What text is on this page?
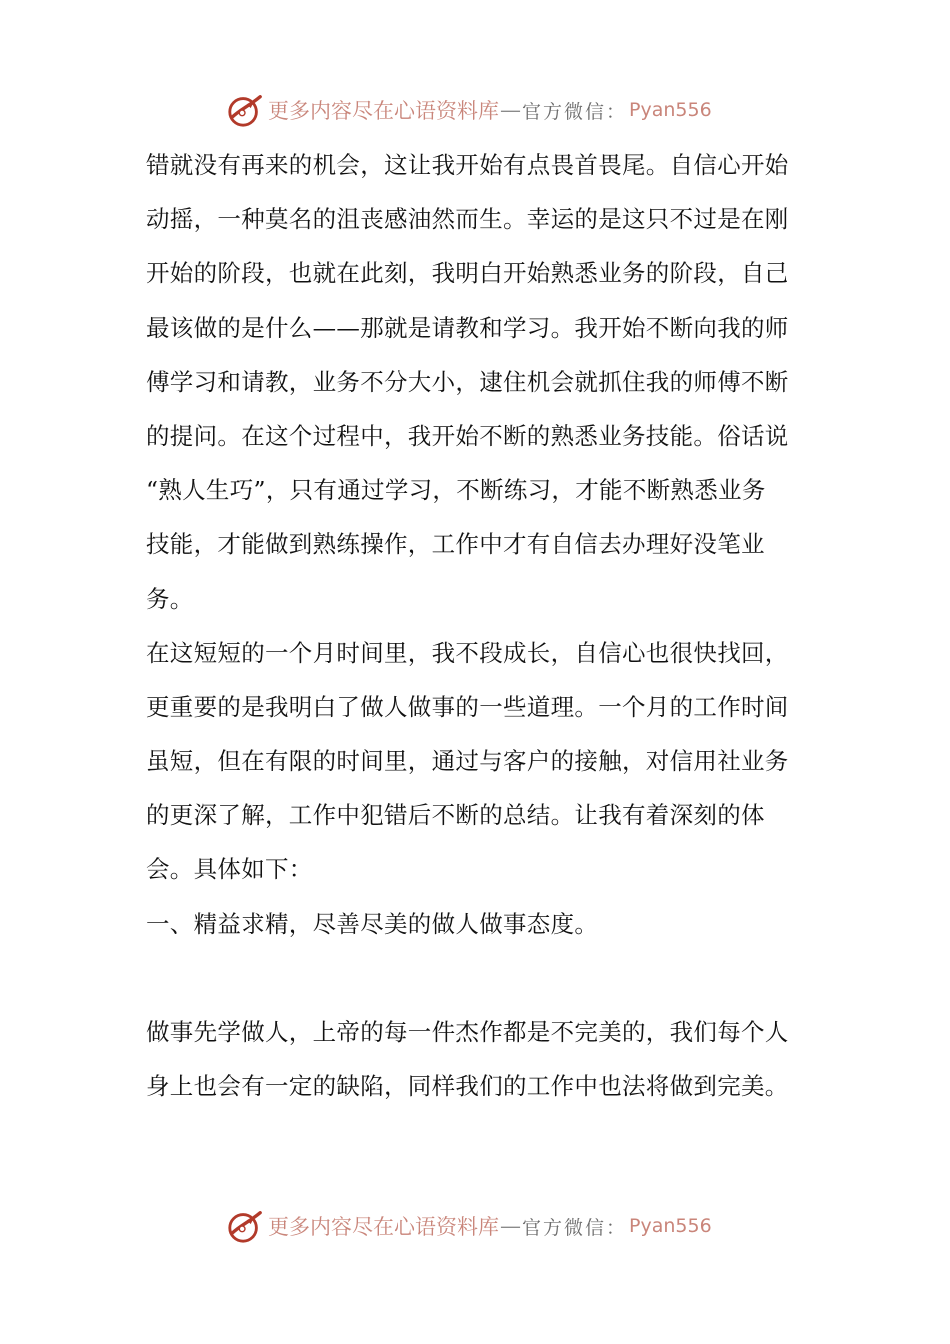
更多内容尽在心语资料库 — 官方微信： Pyan556
错就没有再来的机会，这让我开始有点畏首畏尾。自信心开始
动摇，一种莫名的沮丧感油然而生。幸运的是这只不过是在刚
开始的阶段，也就在此刻，我明白开始熟悉业务的阶段，自己
最该做的是什么——那就是请教和学习。我开始不断向我的师
傅学习和请教，业务不分大小，逮住机会就抓住我的师傅不断
的提问。在这个过程中，我开始不断的熟悉业务技能。俗话说
“熟人生巧”，只有通过学习，不断练习，才能不断熟悉业务
技能，才能做到熟练操作，工作中才有自信去办理好没笔业
务。
在这短短的一个月时间里，我不段成长，自信心也很快找回，
更重要的是我明白了做人做事的一些道理。一个月的工作时间
虽短，但在有限的时间里，通过与客户的接触，对信用社业务
的更深了解，工作中犯错后不断的总结。让我有着深刻的体
会。具体如下：
一、精益求精，尽善尽美的做人做事态度。
做事先学做人，上帝的每一件杰作都是不完美的，我们每个人
身上也会有一定的缺陷，同样我们的工作中也法将做到完美。
更多内容尽在心语资料库 — 官方微信： Pyan556
